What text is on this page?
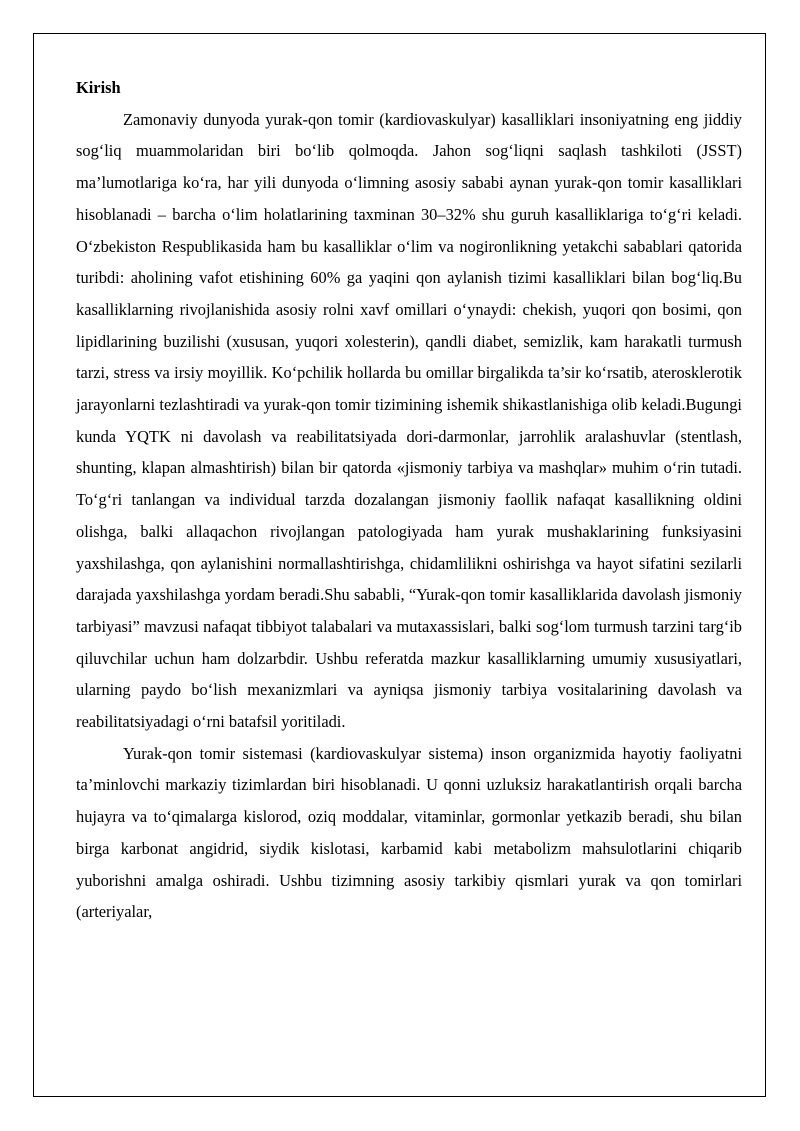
Kirish

Zamonaviy dunyoda yurak-qon tomir (kardiovaskulyar) kasalliklari insoniyatning eng jiddiy sog‘liq muammolaridan biri bo‘lib qolmoqda. Jahon sog‘liqni saqlash tashkiloti (JSST) ma’lumotlariga ko‘ra, har yili dunyoda o‘limning asosiy sababi aynan yurak-qon tomir kasalliklari hisoblanadi – barcha o‘lim holatlarining taxminan 30–32% shu guruh kasalliklariga to‘g‘ri keladi. O‘zbekiston Respublikasida ham bu kasalliklar o‘lim va nogironlikning yetakchi sabablari qatorida turibdi: aholining vafot etishining 60% ga yaqini qon aylanish tizimi kasalliklari bilan bog‘liq.Bu kasalliklarning rivojlanishida asosiy rolni xavf omillari o‘ynaydi: chekish, yuqori qon bosimi, qon lipidlarining buzilishi (xususan, yuqori xolesterin), qandli diabet, semizlik, kam harakatli turmush tarzi, stress va irsiy moyillik. Ko‘pchilik hollarda bu omillar birgalikda ta’sir ko‘rsatib, aterosklerotik jarayonlarni tezlashtiradi va yurak-qon tomir tizimining ishemik shikastlanishiga olib keladi.Bugungi kunda YQTK ni davolash va reabilitatsiyada dori-darmonlar, jarrohlik aralashuvlar (stentlash, shunting, klapan almashtirish) bilan bir qatorda «jismoniy tarbiya va mashqlar» muhim o‘rin tutadi. To‘g‘ri tanlangan va individual tarzda dozalangan jismoniy faollik nafaqat kasallikning oldini olishga, balki allaqachon rivojlangan patologiyada ham yurak mushaklarining funksiyasini yaxshilashga, qon aylanishini normallashtirishga, chidamlilikni oshirishga va hayot sifatini sezilarli darajada yaxshilashga yordam beradi.Shu sababli, “Yurak-qon tomir kasalliklarida davolash jismoniy tarbiyasi” mavzusi nafaqat tibbiyot talabalari va mutaxassislari, balki sog‘lom turmush tarzini targ‘ib qiluvchilar uchun ham dolzarbdir. Ushbu referatda mazkur kasalliklarning umumiy xususiyatlari, ularning paydo bo‘lish mexanizmlari va ayniqsa jismoniy tarbiya vositalarining davolash va reabilitatsiyadagi o‘rni batafsil yoritiladi.

Yurak-qon tomir sistemasi (kardiovaskulyar sistema) inson organizmida hayotiy faoliyatni ta’minlovchi markaziy tizimlardan biri hisoblanadi. U qonni uzluksiz harakatlantirish orqali barcha hujayra va to‘qimalarga kislorod, oziq moddalar, vitaminlar, gormonlar yetkazib beradi, shu bilan birga karbonat angidrid, siydik kislotasi, karbamid kabi metabolizm mahsulotlarini chiqarib yuborishni amalga oshiradi. Ushbu tizimning asosiy tarkibiy qismlari yurak va qon tomirlari (arteriyalar,
